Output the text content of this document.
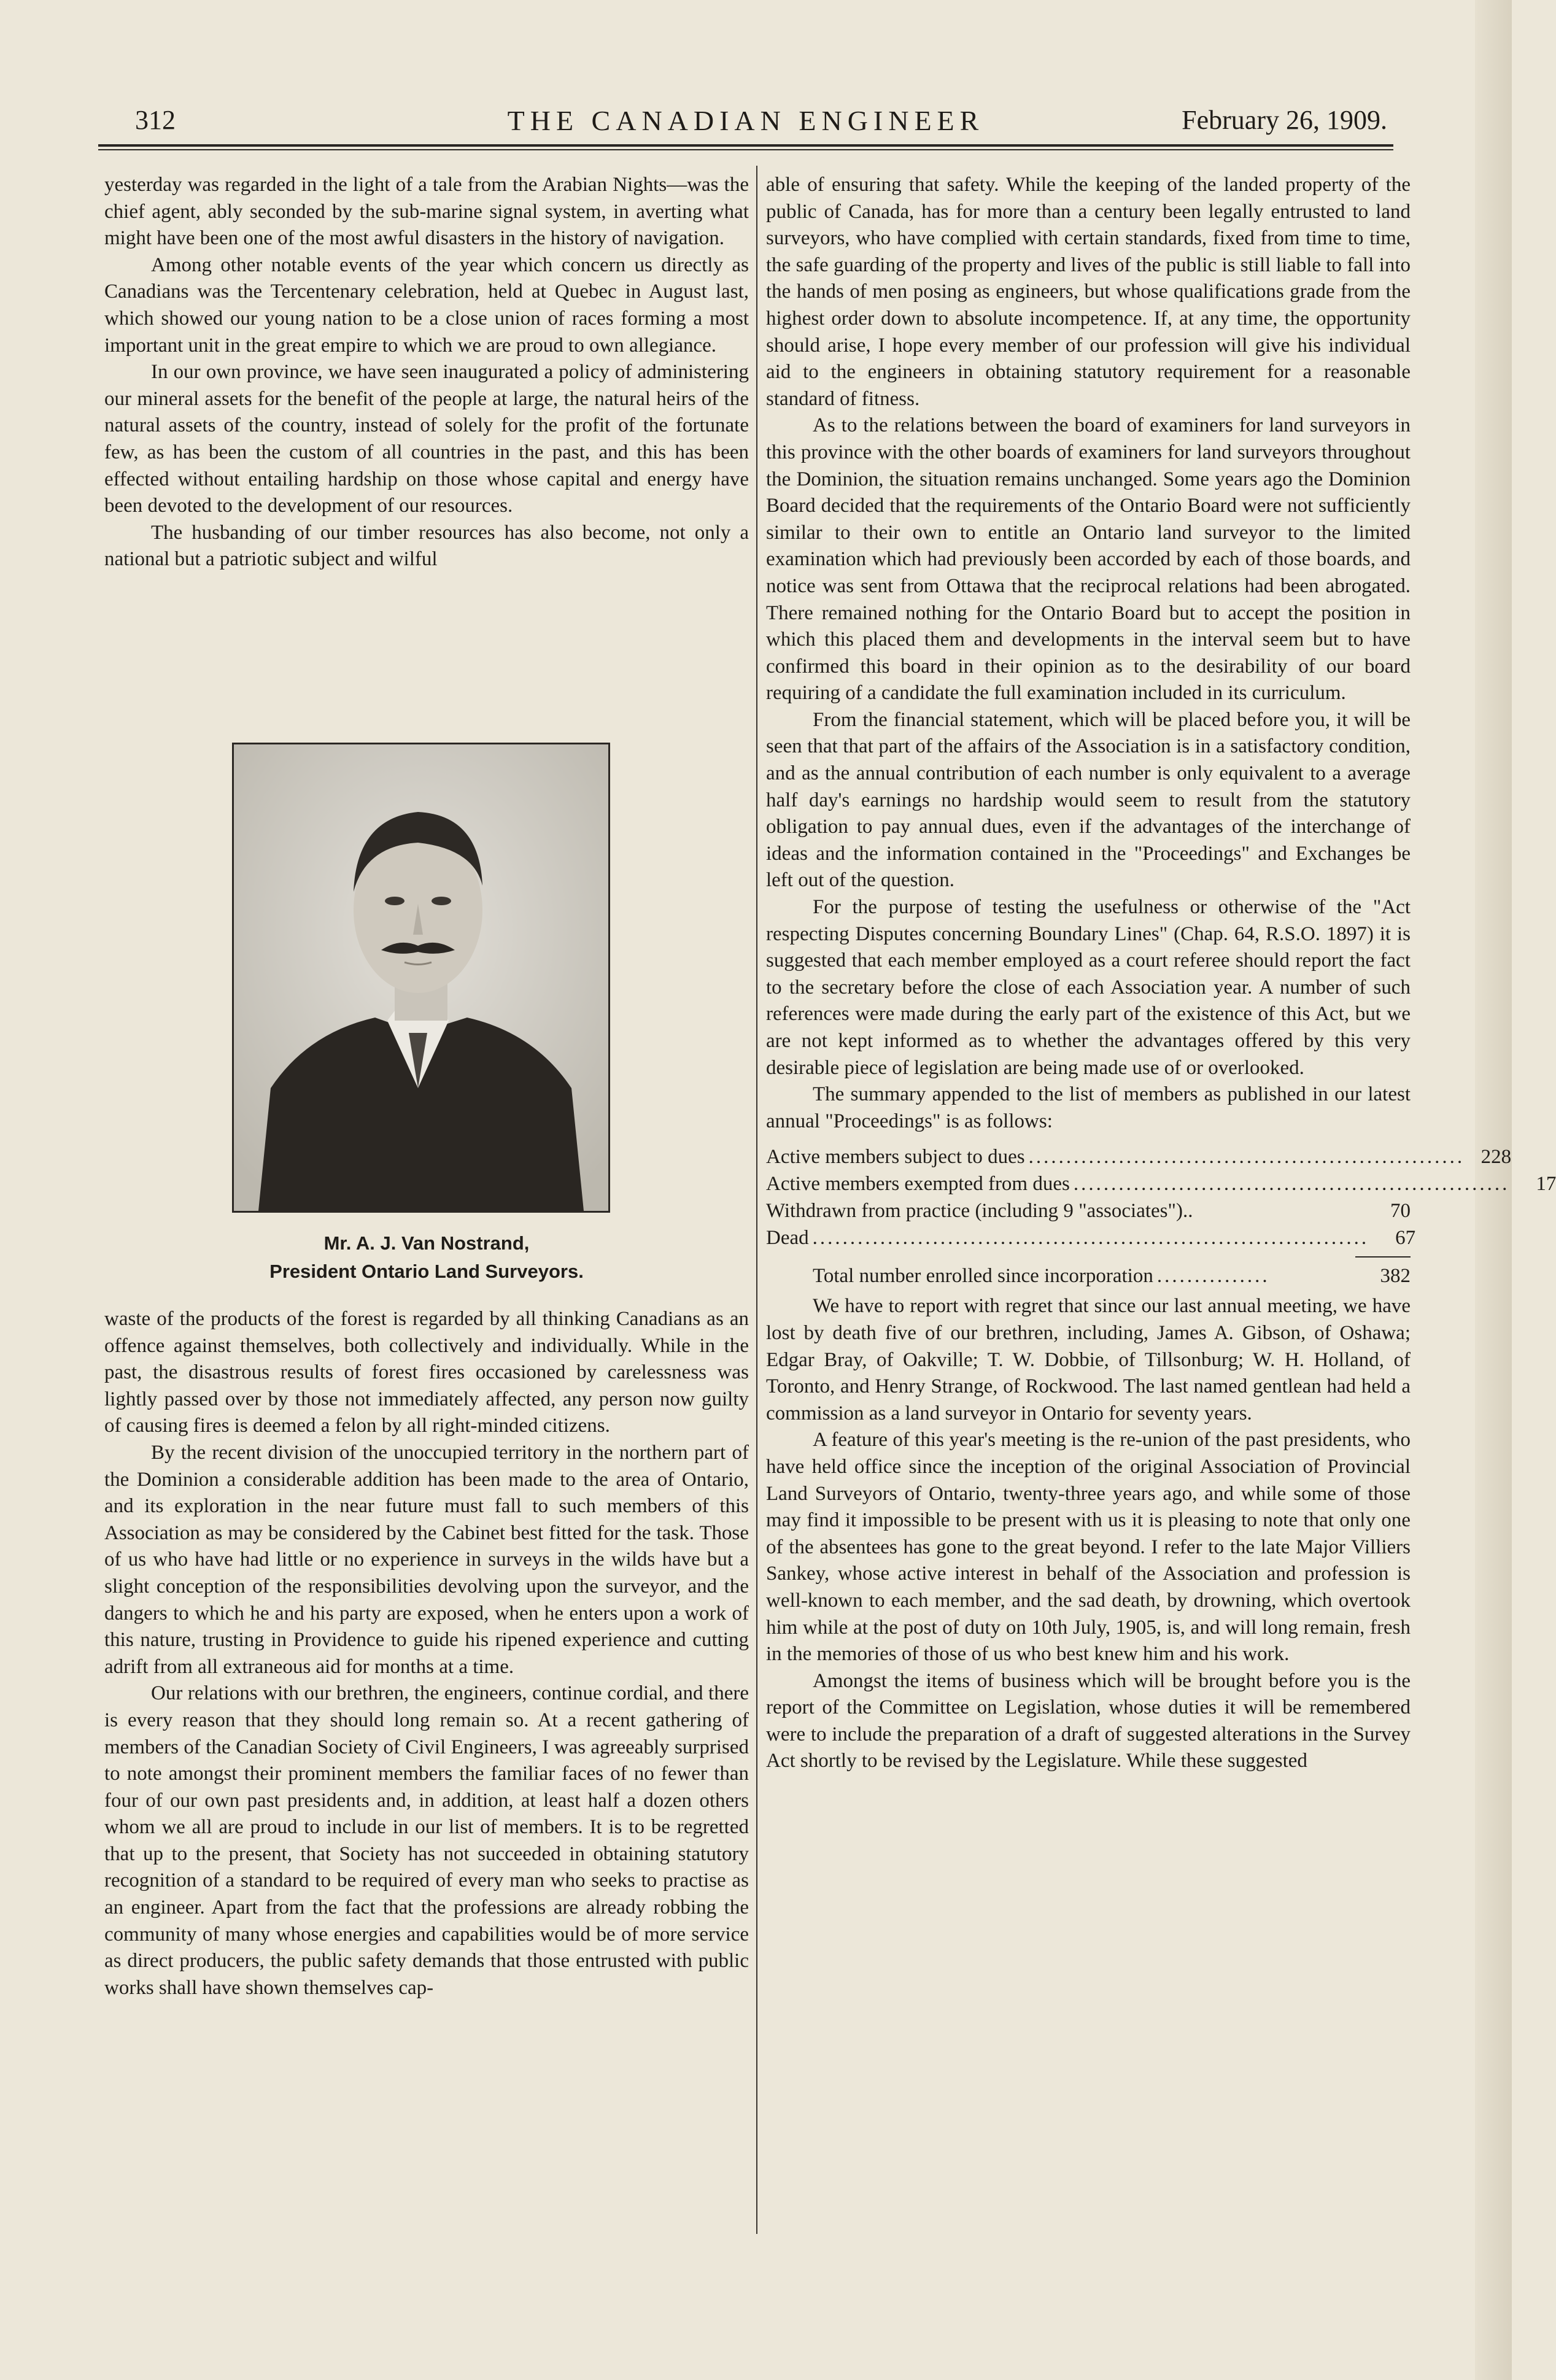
312	THE CANADIAN ENGINEER	February 26, 1909.

yesterday was regarded in the light of a tale from the Arabian Nights—was the chief agent, ably seconded by the sub-marine signal system, in averting what might have been one of the most awful disasters in the history of navigation.

Among other notable events of the year which concern us directly as Canadians was the Tercentenary celebration, held at Quebec in August last, which showed our young nation to be a close union of races forming a most important unit in the great empire to which we are proud to own allegiance.

In our own province, we have seen inaugurated a policy of administering our mineral assets for the benefit of the people at large, the natural heirs of the natural assets of the country, instead of solely for the profit of the fortunate few, as has been the custom of all countries in the past, and this has been effected without entailing hardship on those whose capital and energy have been devoted to the development of our resources.

The husbanding of our timber resources has also become, not only a national but a patriotic subject and wilful

Mr. A. J. Van Nostrand,
President Ontario Land Surveyors.

waste of the products of the forest is regarded by all thinking Canadians as an offence against themselves, both collectively and individually. While in the past, the disastrous results of forest fires occasioned by carelessness was lightly passed over by those not immediately affected, any person now guilty of causing fires is deemed a felon by all right-minded citizens.

By the recent division of the unoccupied territory in the northern part of the Dominion a considerable addition has been made to the area of Ontario, and its exploration in the near future must fall to such members of this Association as may be considered by the Cabinet best fitted for the task. Those of us who have had little or no experience in surveys in the wilds have but a slight conception of the responsibilities devolving upon the surveyor, and the dangers to which he and his party are exposed, when he enters upon a work of this nature, trusting in Providence to guide his ripened experience and cutting adrift from all extraneous aid for months at a time.

Our relations with our brethren, the engineers, continue cordial, and there is every reason that they should long remain so. At a recent gathering of members of the Canadian Society of Civil Engineers, I was agreeably surprised to note amongst their prominent members the familiar faces of no fewer than four of our own past presidents and, in addition, at least half a dozen others whom we all are proud to include in our list of members. It is to be regretted that up to the present, that Society has not succeeded in obtaining statutory recognition of a standard to be required of every man who seeks to practise as an engineer. Apart from the fact that the professions are already robbing the community of many whose energies and capabilities would be of more service as direct producers, the public safety demands that those entrusted with public works shall have shown themselves cap-

able of ensuring that safety. While the keeping of the landed property of the public of Canada, has for more than a century been legally entrusted to land surveyors, who have complied with certain standards, fixed from time to time, the safe guarding of the property and lives of the public is still liable to fall into the hands of men posing as engineers, but whose qualifications grade from the highest order down to absolute incompetence. If, at any time, the opportunity should arise, I hope every member of our profession will give his individual aid to the engineers in obtaining statutory requirement for a reasonable standard of fitness.

As to the relations between the board of examiners for land surveyors in this province with the other boards of examiners for land surveyors throughout the Dominion, the situation remains unchanged. Some years ago the Dominion Board decided that the requirements of the Ontario Board were not sufficiently similar to their own to entitle an Ontario land surveyor to the limited examination which had previously been accorded by each of those boards, and notice was sent from Ottawa that the reciprocal relations had been abrogated. There remained nothing for the Ontario Board but to accept the position in which this placed them and developments in the interval seem but to have confirmed this board in their opinion as to the desirability of our board requiring of a candidate the full examination included in its curriculum.

From the financial statement, which will be placed before you, it will be seen that that part of the affairs of the Association is in a satisfactory condition, and as the annual contribution of each number is only equivalent to a average half day's earnings no hardship would seem to result from the statutory obligation to pay annual dues, even if the advantages of the interchange of ideas and the information contained in the "Proceedings" and Exchanges be left out of the question.

For the purpose of testing the usefulness or otherwise of the "Act respecting Disputes concerning Boundary Lines" (Chap. 64, R.S.O. 1897) it is suggested that each member employed as a court referee should report the fact to the secretary before the close of each Association year. A number of such references were made during the early part of the existence of this Act, but we are not kept informed as to whether the advantages offered by this very desirable piece of legislation are being made use of or overlooked.

The summary appended to the list of members as published in our latest annual "Proceedings" is as follows:

Active members subject to dues .......................................................... 228
Active members exempted from dues ..........................................................	17
Withdrawn from practice (including 9 "associates")..	70
Dead ..........................................................................	67
Total number enrolled since incorporation ...............	382

We have to report with regret that since our last annual meeting, we have lost by death five of our brethren, including, James A. Gibson, of Oshawa; Edgar Bray, of Oakville; T. W. Dobbie, of Tillsonburg; W. H. Holland, of Toronto, and Henry Strange, of Rockwood. The last named gentlean had held a commission as a land surveyor in Ontario for seventy years.

A feature of this year's meeting is the re-union of the past presidents, who have held office since the inception of the original Association of Provincial Land Surveyors of Ontario, twenty-three years ago, and while some of those may find it impossible to be present with us it is pleasing to note that only one of the absentees has gone to the great beyond. I refer to the late Major Villiers Sankey, whose active interest in behalf of the Association and profession is well-known to each member, and the sad death, by drowning, which overtook him while at the post of duty on 10th July, 1905, is, and will long remain, fresh in the memories of those of us who best knew him and his work.

Amongst the items of business which will be brought before you is the report of the Committee on Legislation, whose duties it will be remembered were to include the preparation of a draft of suggested alterations in the Survey Act shortly to be revised by the Legislature. While these suggested
